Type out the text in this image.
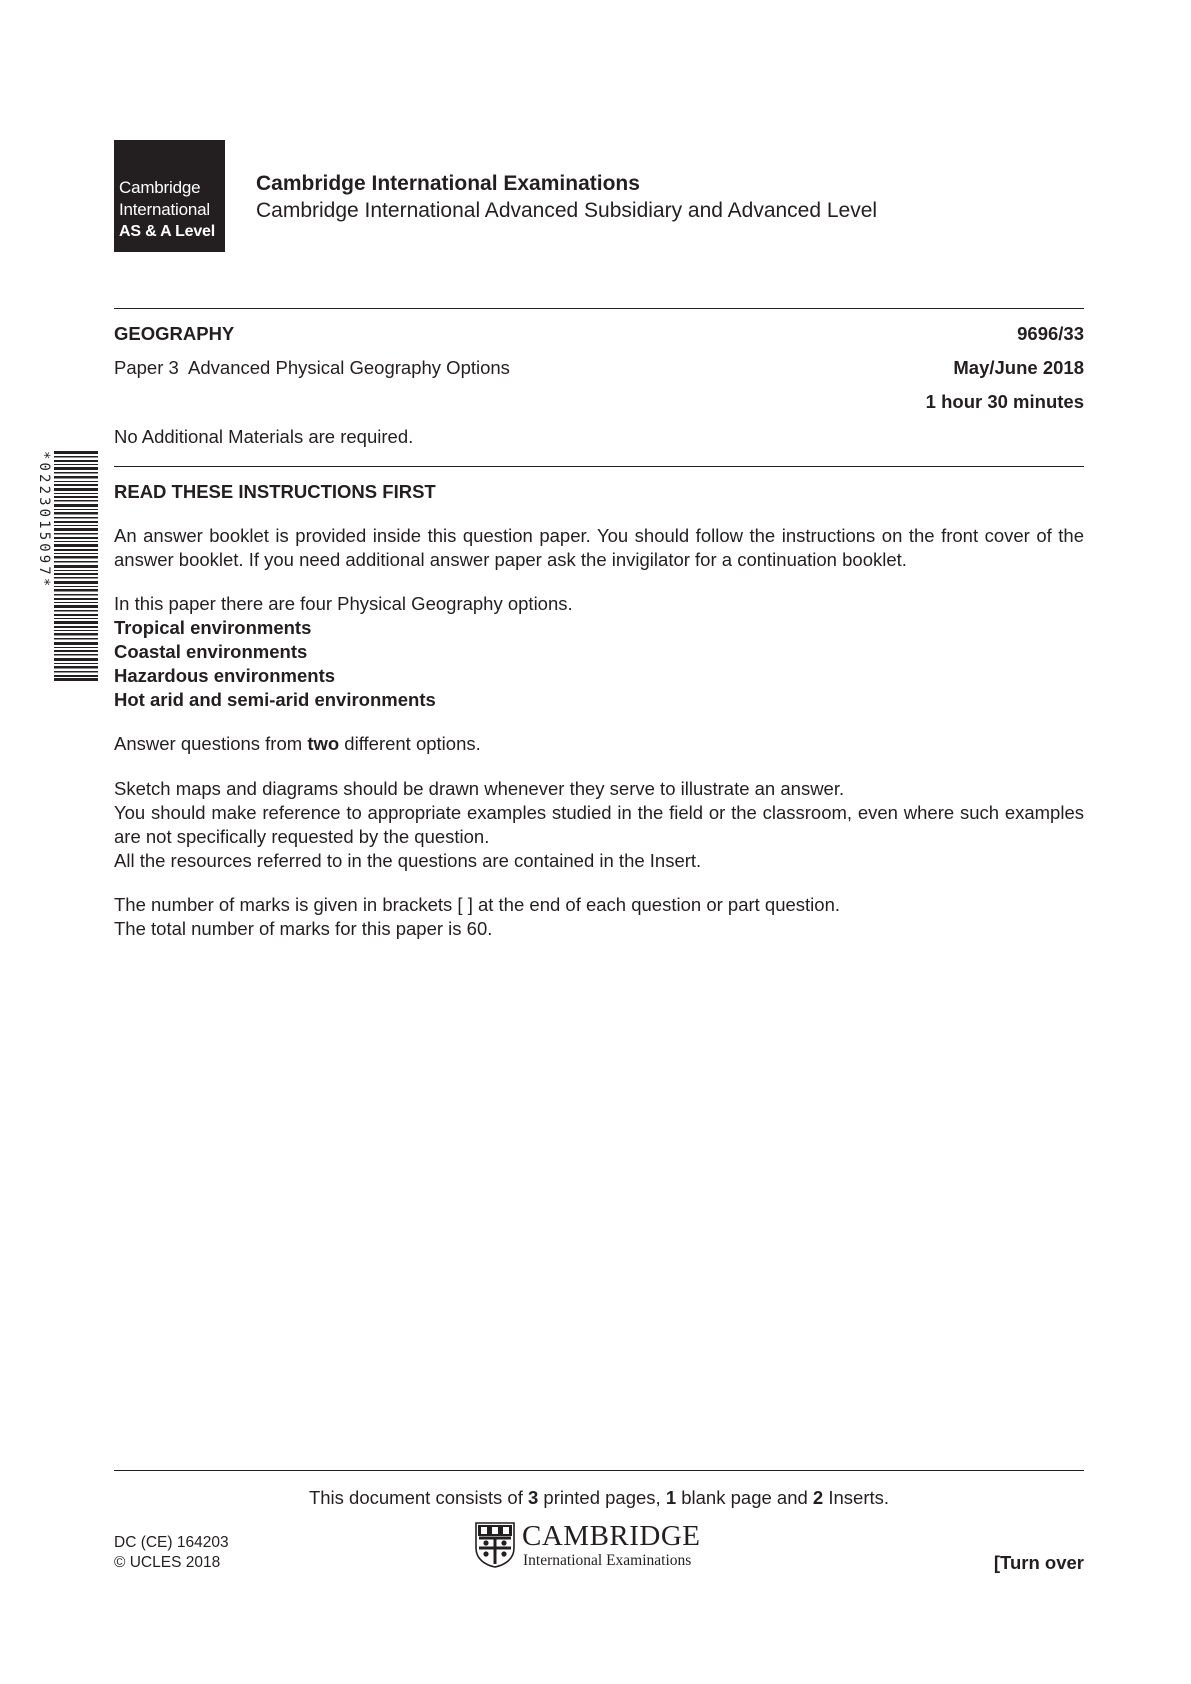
Cambridge
International
AS & A Level
Cambridge International Examinations
Cambridge International Advanced Subsidiary and Advanced Level
GEOGRAPHY	9696/33
Paper 3  Advanced Physical Geography Options	May/June 2018
1 hour 30 minutes
No Additional Materials are required.
*0223015097*	READ THESE INSTRUCTIONS FIRST
An answer booklet is provided inside this question paper. You should follow the instructions on the front cover of the answer booklet. If you need additional answer paper ask the invigilator for a continuation booklet.
In this paper there are four Physical Geography options.
Tropical environments
Coastal environments
Hazardous environments
Hot arid and semi-arid environments
Answer questions from two different options.
Sketch maps and diagrams should be drawn whenever they serve to illustrate an answer.
You should make reference to appropriate examples studied in the field or the classroom, even where such examples are not specifically requested by the question.
All the resources referred to in the questions are contained in the Insert.
The number of marks is given in brackets [ ] at the end of each question or part question.
The total number of marks for this paper is 60.
This document consists of 3 printed pages, 1 blank page and 2 Inserts.
DC (CE) 164203
© UCLES 2018
CAMBRIDGE
International Examinations	[Turn over
